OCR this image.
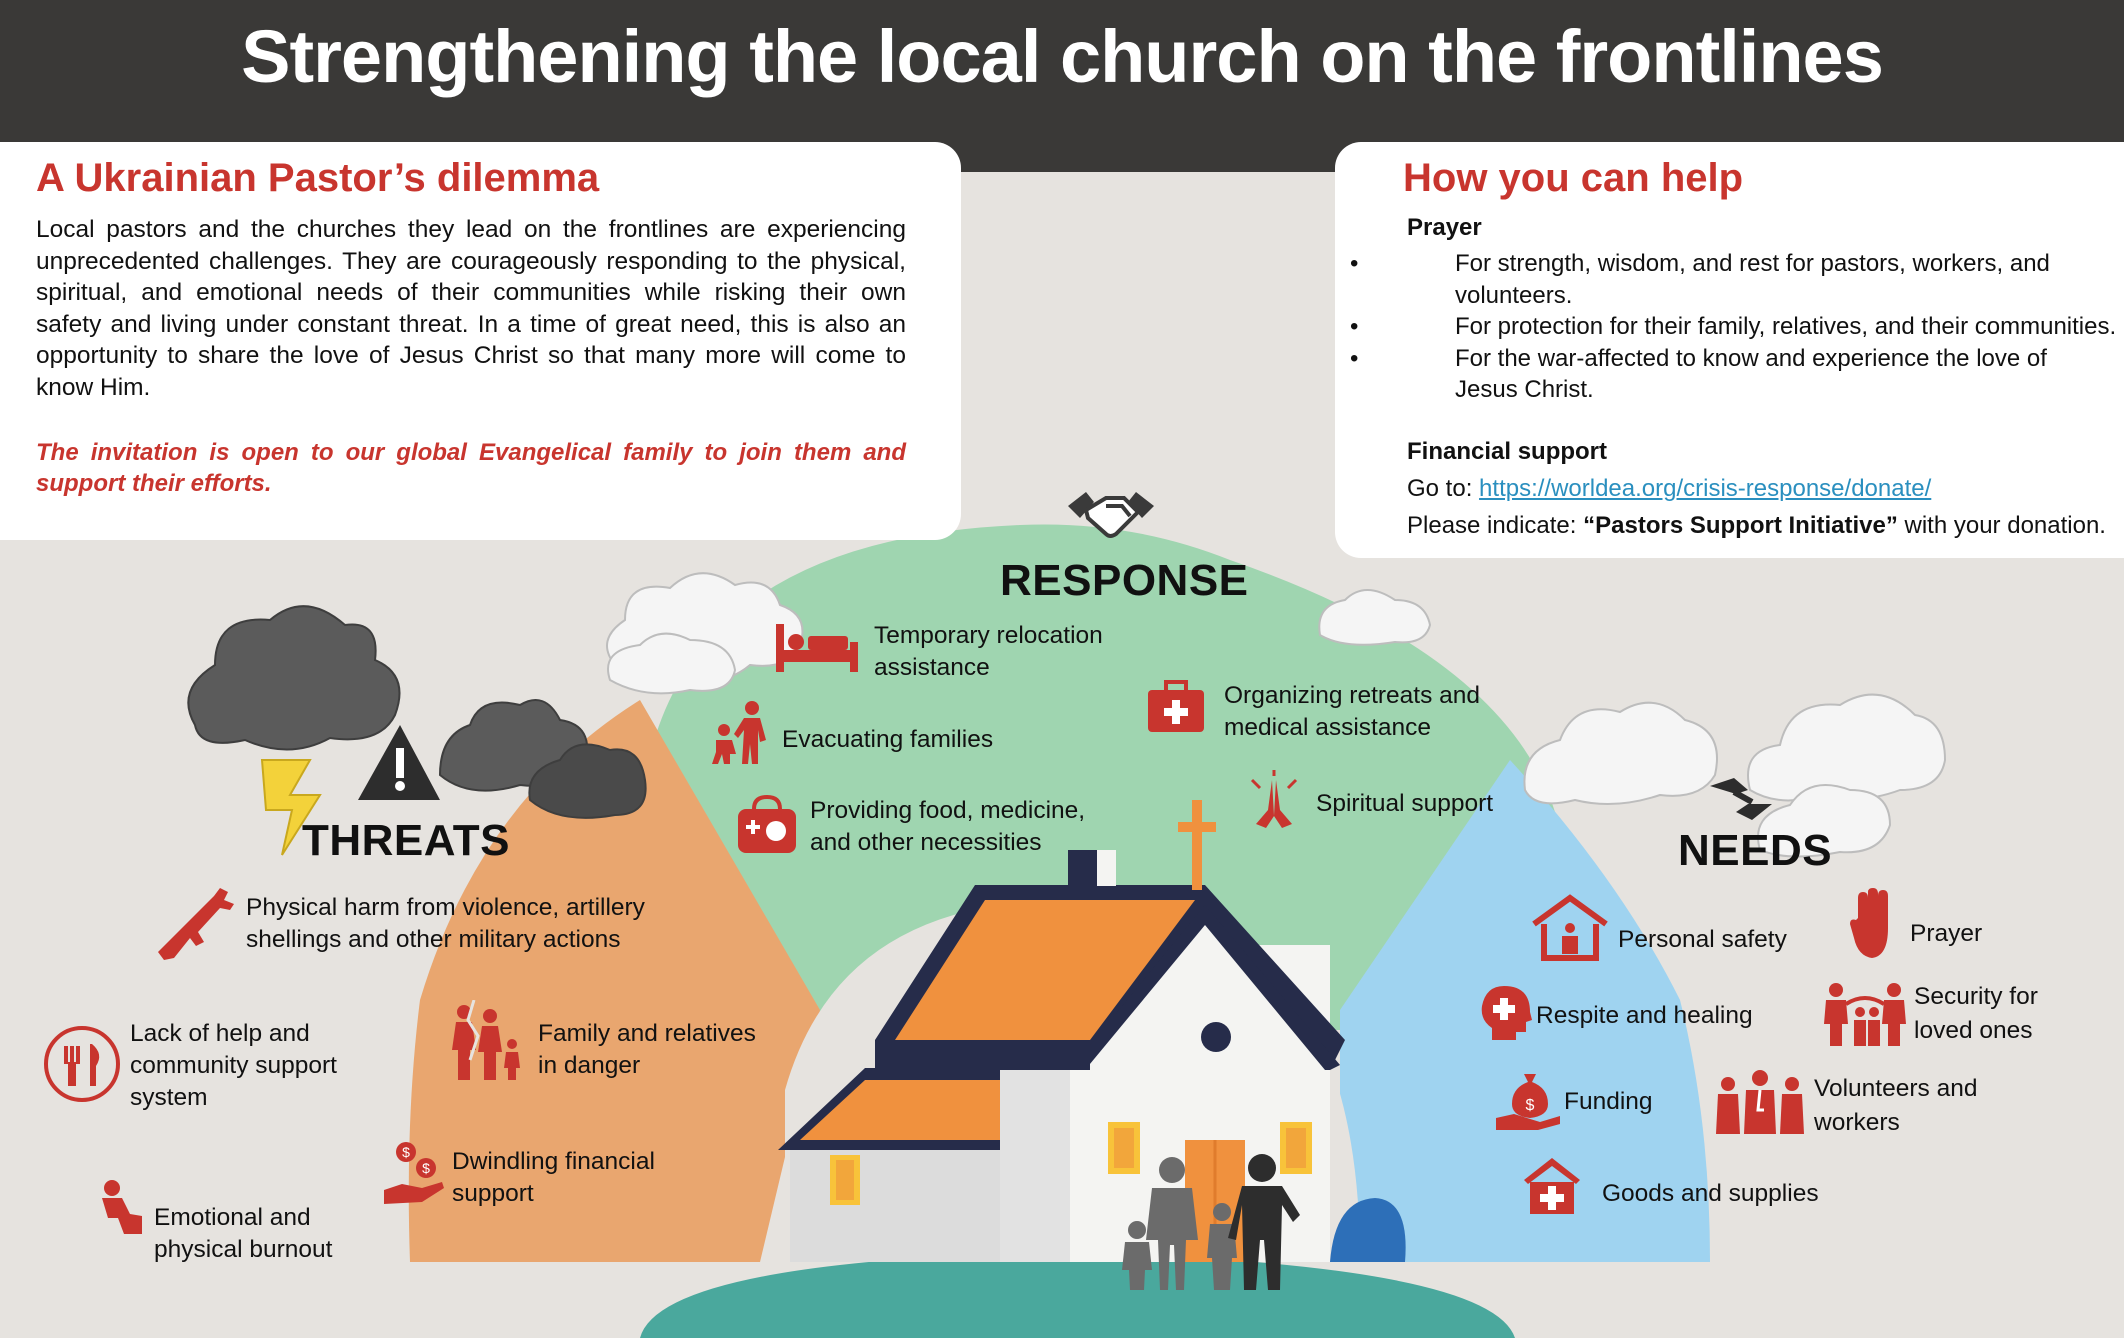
Strengthening the local church on the frontlines
A Ukrainian Pastor’s dilemma
Local pastors and the churches they lead on the frontlines are experiencing unprecedented challenges. They are courageously responding to the physical, spiritual, and emotional needs of their communities while risking their own safety and living under constant threat. In a time of great need, this is also an opportunity to share the love of Jesus Christ so that many more will come to know Him.
The invitation is open to our global Evangelical family to join them and support their efforts.
How you can help
Prayer
•	For strength, wisdom, and rest for pastors, workers, and volunteers.
•	For protection for their family, relatives, and their communities.
•	For the war-affected to know and experience the love of Jesus Christ.
Financial support
Go to: https://worldea.org/crisis-response/donate/
Please indicate: “Pastors Support Initiative” with your donation.
RESPONSE
THREATS	NEEDS
Temporary relocation assistance
Evacuating families
Providing food, medicine, and other necessities
Organizing retreats and medical assistance
Spiritual support
Physical harm from violence, artillery shellings and other military actions
Lack of help and community support system
Family and relatives in danger
$
$ Dwindling financial support
Emotional and physical burnout
Personal safety	Prayer
Respite and healing
Security for loved ones
$ Funding	Volunteers and workers
Goods and supplies
